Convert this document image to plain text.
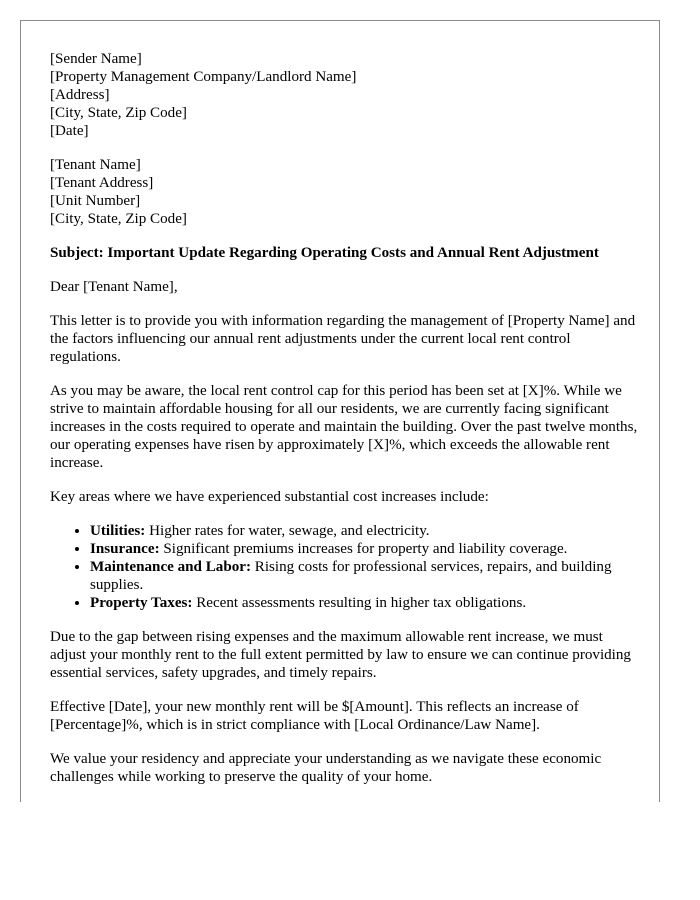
[Sender Name]
[Property Management Company/Landlord Name]
[Address]
[City, State, Zip Code]
[Date]
[Tenant Name]
[Tenant Address]
[Unit Number]
[City, State, Zip Code]

Subject: Important Update Regarding Operating Costs and Annual Rent Adjustment

Dear [Tenant Name],

This letter is to provide you with information regarding the management of [Property Name] and the factors influencing our annual rent adjustments under the current local rent control regulations.

As you may be aware, the local rent control cap for this period has been set at [X]%. While we strive to maintain affordable housing for all our residents, we are currently facing significant increases in the costs required to operate and maintain the building. Over the past twelve months, our operating expenses have risen by approximately [X]%, which exceeds the allowable rent increase.

Key areas where we have experienced substantial cost increases include:

• Utilities: Higher rates for water, sewage, and electricity.
• Insurance: Significant premiums increases for property and liability coverage.
• Maintenance and Labor: Rising costs for professional services, repairs, and building supplies.
• Property Taxes: Recent assessments resulting in higher tax obligations.

Due to the gap between rising expenses and the maximum allowable rent increase, we must adjust your monthly rent to the full extent permitted by law to ensure we can continue providing essential services, safety upgrades, and timely repairs.

Effective [Date], your new monthly rent will be $[Amount]. This reflects an increase of [Percentage]%, which is in strict compliance with [Local Ordinance/Law Name].

We value your residency and appreciate your understanding as we navigate these economic challenges while working to preserve the quality of your home.
